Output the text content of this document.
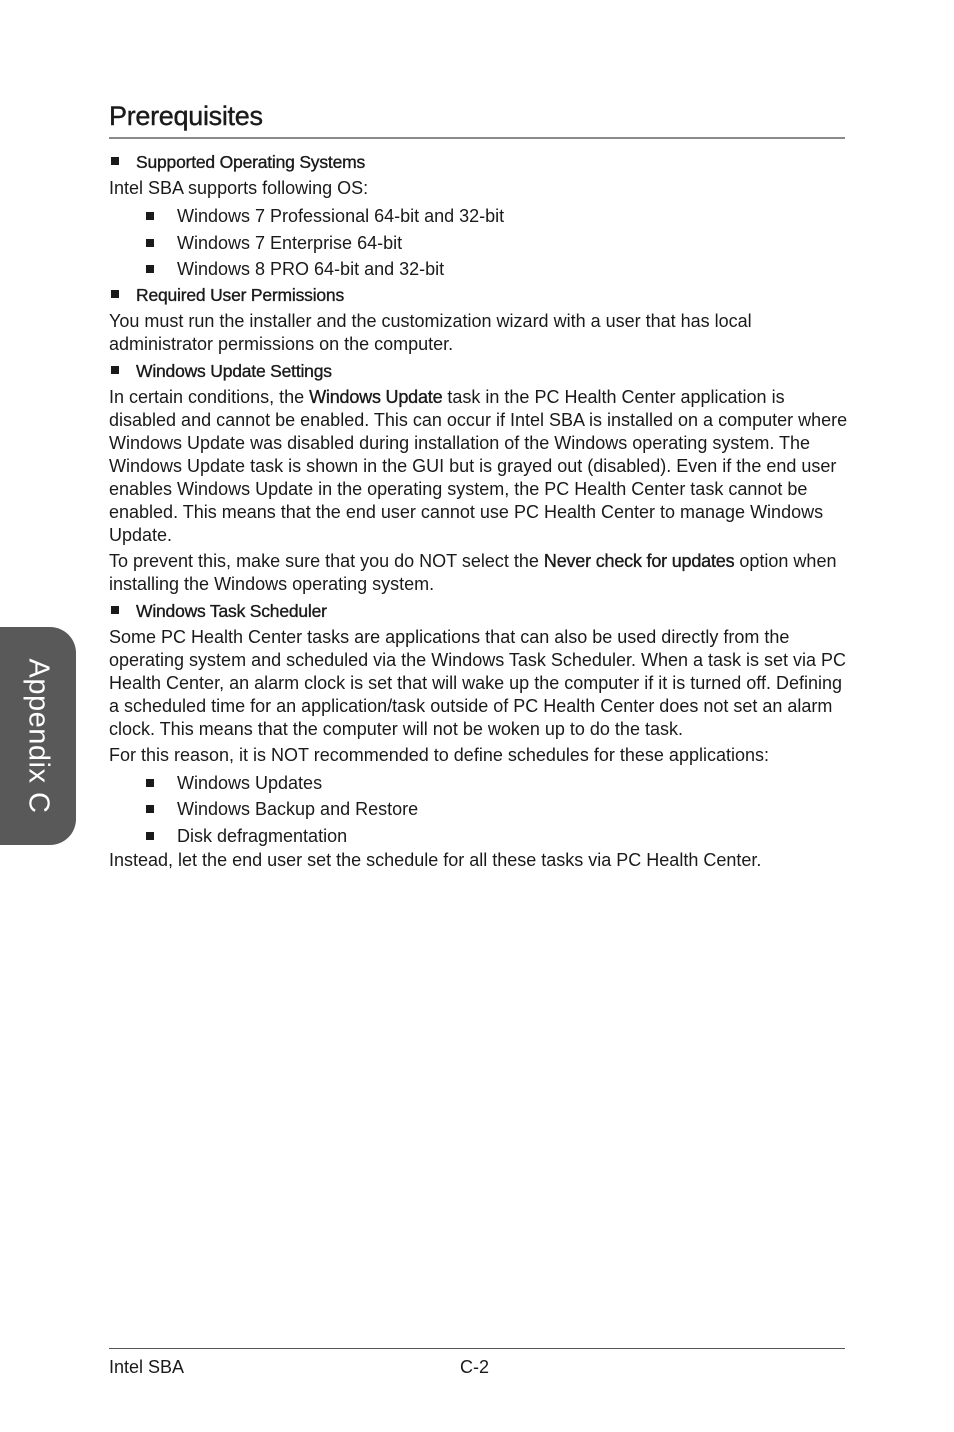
Prerequisites
Supported Operating Systems

Intel SBA supports following OS:

Windows 7 Professional 64-bit and 32-bit
Windows 7 Enterprise 64-bit
Windows 8 PRO 64-bit and 32-bit
Required User Permissions

You must run the installer and the customization wizard with a user that has local administrator permissions on the computer.

Windows Update Settings

In certain conditions, the Windows Update task in the PC Health Center application is disabled and cannot be enabled. This can occur if Intel SBA is installed on a computer where Windows Update was disabled during installation of the Windows operating system. The Windows Update task is shown in the GUI but is grayed out (disabled). Even if the end user enables Windows Update in the operating system, the PC Health Center task cannot be enabled. This means that the end user cannot use PC Health Center to manage Windows Update.

To prevent this, make sure that you do NOT select the Never check for updates option when installing the Windows operating system.

Windows Task Scheduler

Some PC Health Center tasks are applications that can also be used directly from the operating system and scheduled via the Windows Task Scheduler. When a task is set via PC Health Center, an alarm clock is set that will wake up the computer if it is turned off. Defining a scheduled time for an application/task outside of PC Health Center does not set an alarm clock. This means that the computer will not be woken up to do the task.

For this reason, it is NOT recommended to define schedules for these applications:

Windows Updates
Windows Backup and Restore
Disk defragmentation

Instead, let the end user set the schedule for all these tasks via PC Health Center.

Appendix C
Intel SBA	C-2
